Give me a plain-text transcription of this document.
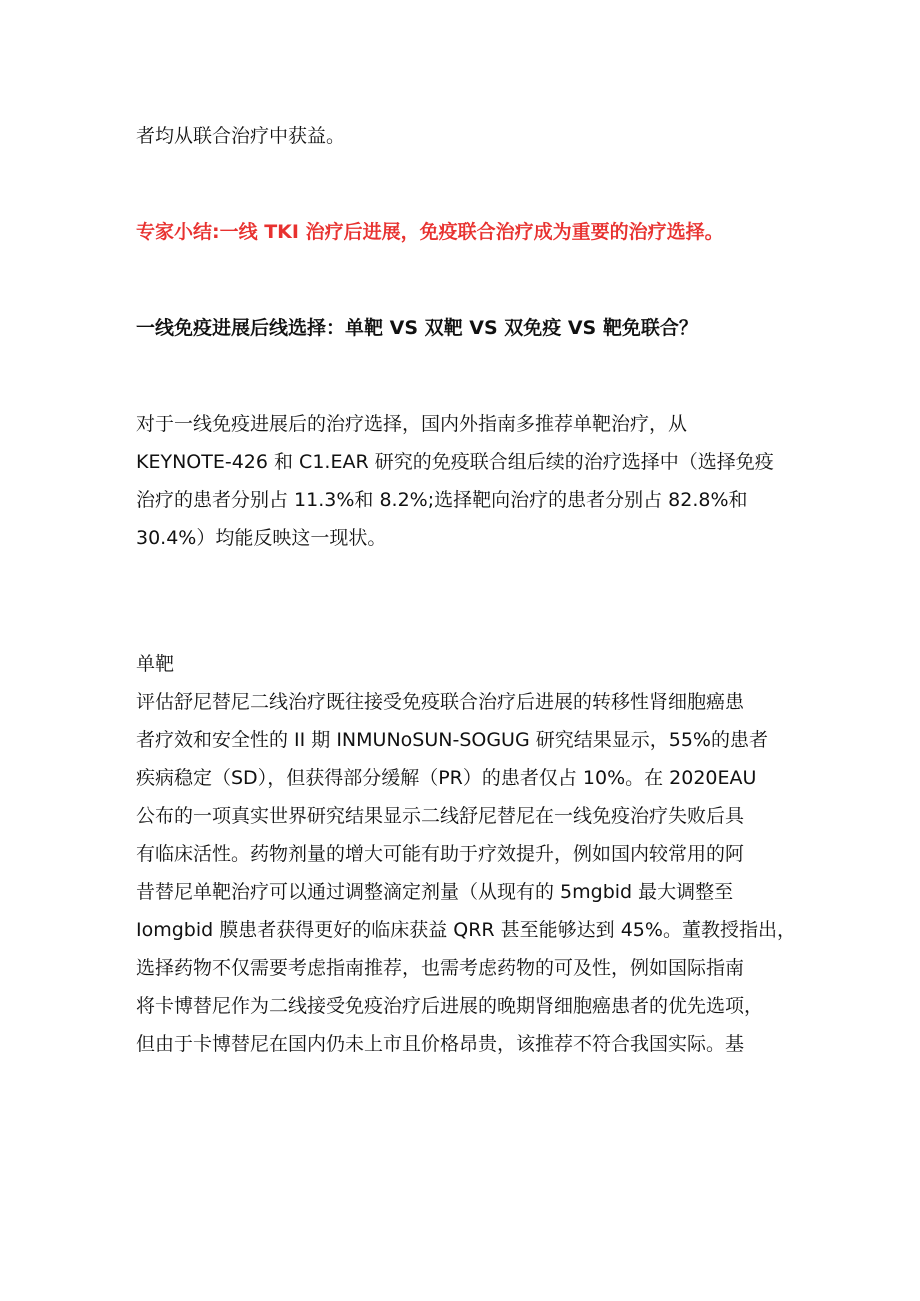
者均从联合治疗中获益。
专家小结:一线 TKI 治疗后进展，免疫联合治疗成为重要的治疗选择。
一线免疫进展后线选择：单靶 VS 双靶 VS 双免疫 VS 靶免联合？
对于一线免疫进展后的治疗选择，国内外指南多推荐单靶治疗，从
KEYNOTE-426 和 C1.EAR 研究的免疫联合组后续的治疗选择中（选择免疫
治疗的患者分别占 11.3%和 8.2%;选择靶向治疗的患者分别占 82.8%和
30.4%）均能反映这一现状。
单靶
评估舒尼替尼二线治疗既往接受免疫联合治疗后进展的转移性肾细胞癌患
者疗效和安全性的 II 期 INMUNoSUN-SOGUG 研究结果显示，55%的患者
疾病稳定（SD），但获得部分缓解（PR）的患者仅占 10%。在 2020EAU
公布的一项真实世界研究结果显示二线舒尼替尼在一线免疫治疗失败后具
有临床活性。药物剂量的增大可能有助于疗效提升，例如国内较常用的阿
昔替尼单靶治疗可以通过调整滴定剂量（从现有的 5mgbid 最大调整至
Iomgbid 膜患者获得更好的临床获益 QRR 甚至能够达到 45%。董教授指出，
选择药物不仅需要考虑指南推荐，也需考虑药物的可及性，例如国际指南
将卡博替尼作为二线接受免疫治疗后进展的晚期肾细胞癌患者的优先选项，
但由于卡博替尼在国内仍未上市且价格昂贵，该推荐不符合我国实际。基
